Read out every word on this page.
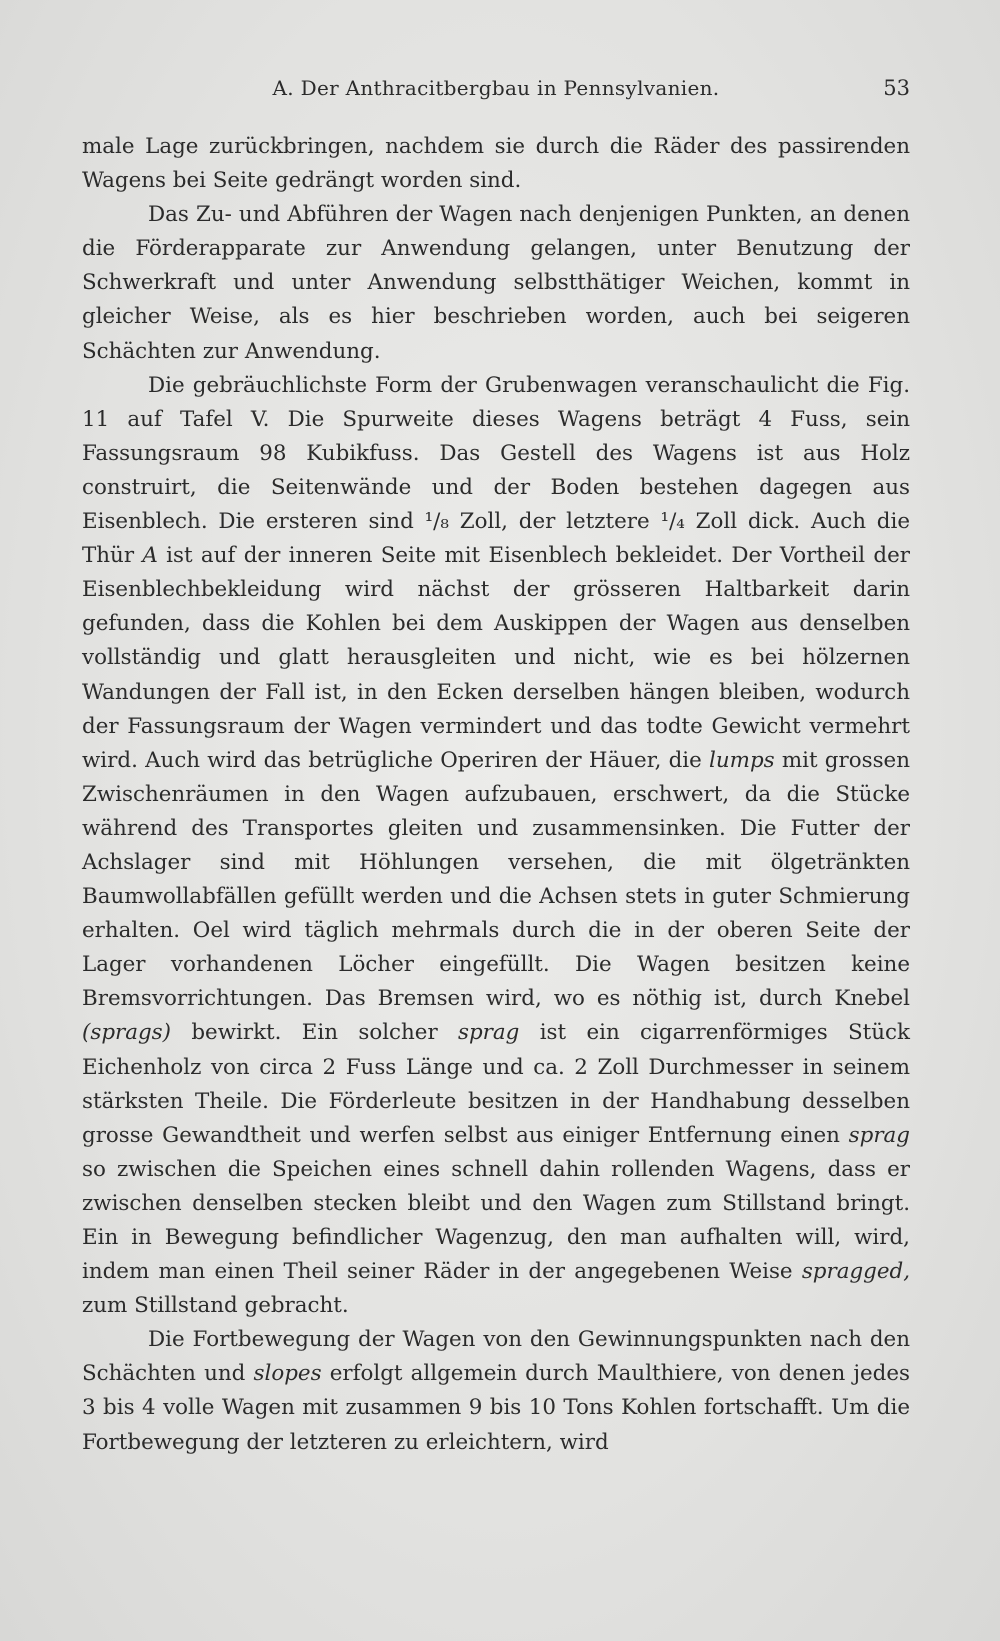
A. Der Anthracitbergbau in Pennsylvanien.	53

male Lage zurückbringen, nachdem sie durch die Räder des passirenden Wagens bei Seite gedrängt worden sind.

Das Zu- und Abführen der Wagen nach denjenigen Punkten, an denen die Förderapparate zur Anwendung gelangen, unter Benutzung der Schwerkraft und unter Anwendung selbstthätiger Weichen, kommt in gleicher Weise, als es hier beschrieben worden, auch bei seigeren Schächten zur Anwendung.

Die gebräuchlichste Form der Grubenwagen veranschaulicht die Fig. 11 auf Tafel V. Die Spurweite dieses Wagens beträgt 4 Fuss, sein Fassungsraum 98 Kubikfuss. Das Gestell des Wagens ist aus Holz construirt, die Seitenwände und der Boden bestehen dagegen aus Eisenblech. Die ersteren sind ¹/₈ Zoll, der letztere ¹/₄ Zoll dick. Auch die Thür A ist auf der inneren Seite mit Eisenblech bekleidet. Der Vortheil der Eisenblechbekleidung wird nächst der grösseren Haltbarkeit darin gefunden, dass die Kohlen bei dem Auskippen der Wagen aus denselben vollständig und glatt herausgleiten und nicht, wie es bei hölzernen Wandungen der Fall ist, in den Ecken derselben hängen bleiben, wodurch der Fassungsraum der Wagen vermindert und das todte Gewicht vermehrt wird. Auch wird das betrügliche Operiren der Häuer, die lumps mit grossen Zwischenräumen in den Wagen aufzubauen, erschwert, da die Stücke während des Transportes gleiten und zusammensinken. Die Futter der Achslager sind mit Höhlungen versehen, die mit ölgetränkten Baumwollabfällen gefüllt werden und die Achsen stets in guter Schmierung erhalten. Oel wird täglich mehrmals durch die in der oberen Seite der Lager vorhandenen Löcher eingefüllt. Die Wagen besitzen keine Bremsvorrichtungen. Das Bremsen wird, wo es nöthig ist, durch Knebel (sprags) bewirkt. Ein solcher sprag ist ein cigarrenförmiges Stück Eichenholz von circa 2 Fuss Länge und ca. 2 Zoll Durchmesser in seinem stärksten Theile. Die Förderleute besitzen in der Handhabung desselben grosse Gewandtheit und werfen selbst aus einiger Entfernung einen sprag so zwischen die Speichen eines schnell dahin rollenden Wagens, dass er zwischen denselben stecken bleibt und den Wagen zum Stillstand bringt. Ein in Bewegung befindlicher Wagenzug, den man aufhalten will, wird, indem man einen Theil seiner Räder in der angegebenen Weise spragged, zum Stillstand gebracht.

Die Fortbewegung der Wagen von den Gewinnungspunkten nach den Schächten und slopes erfolgt allgemein durch Maulthiere, von denen jedes 3 bis 4 volle Wagen mit zusammen 9 bis 10 Tons Kohlen fortschafft. Um die Fortbewegung der letzteren zu erleichtern, wird
